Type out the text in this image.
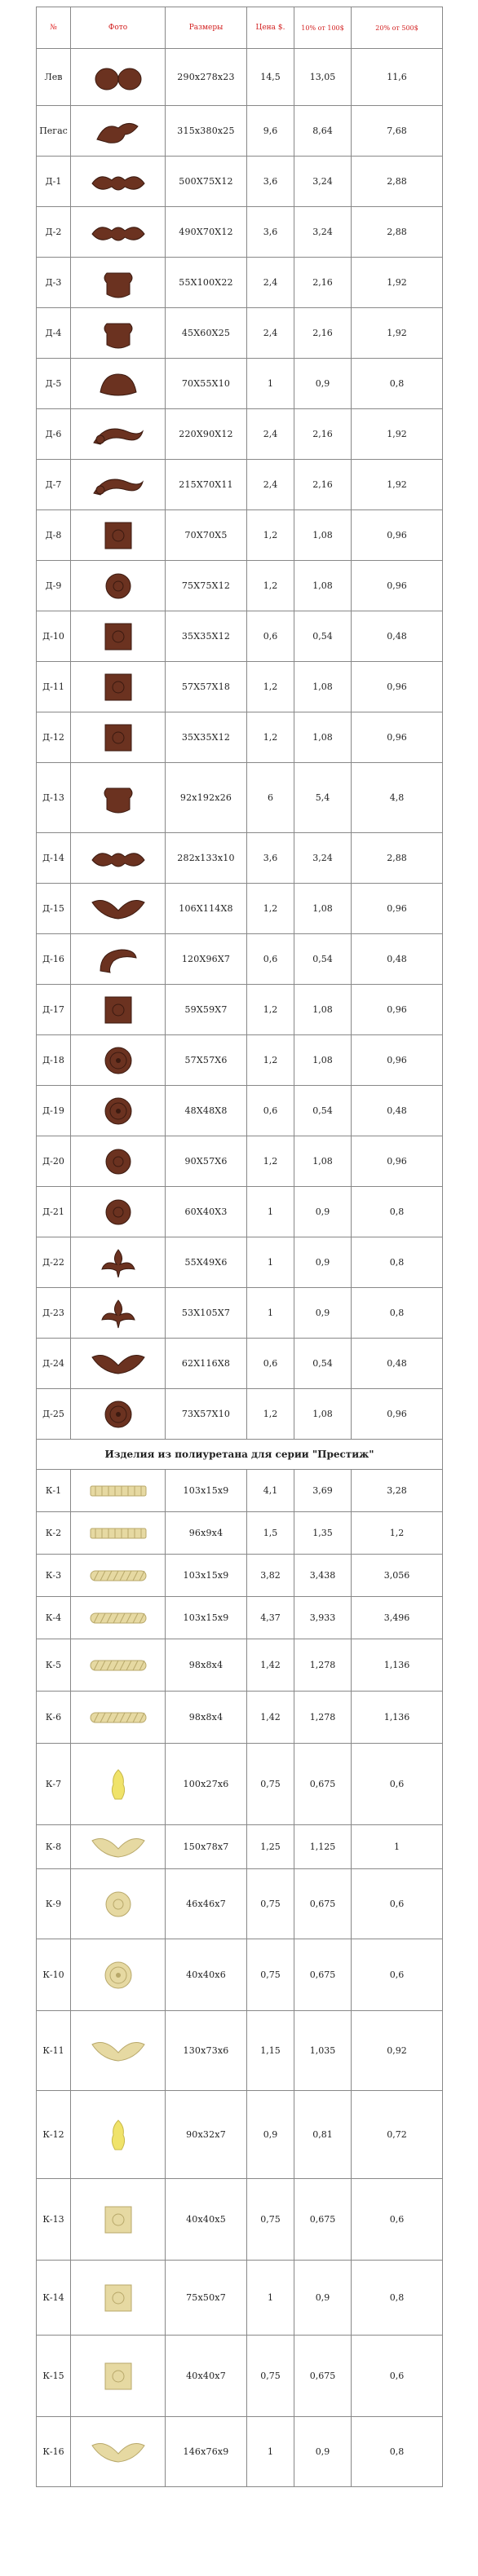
№	Фото	Размеры	Цена $.	10% от 100$	20% от 500$
Лев		290x278x23	14,5	13,05	11,6
Пегас		315x380x25	9,6	8,64	7,68
Д-1		500X75X12	3,6	3,24	2,88
Д-2		490X70X12	3,6	3,24	2,88
Д-3		55X100X22	2,4	2,16	1,92
Д-4		45X60X25	2,4	2,16	1,92
Д-5		70X55X10	1	0,9	0,8
Д-6		220X90X12	2,4	2,16	1,92
Д-7		215X70X11	2,4	2,16	1,92
Д-8		70X70X5	1,2	1,08	0,96
Д-9		75X75X12	1,2	1,08	0,96
Д-10		35X35X12	0,6	0,54	0,48
Д-11		57X57X18	1,2	1,08	0,96
Д-12		35X35X12	1,2	1,08	0,96
Д-13		92x192x26	6	5,4	4,8
Д-14		282x133x10	3,6	3,24	2,88
Д-15		106X114X8	1,2	1,08	0,96
Д-16		120X96X7	0,6	0,54	0,48
Д-17		59X59X7	1,2	1,08	0,96
Д-18		57X57X6	1,2	1,08	0,96
Д-19		48X48X8	0,6	0,54	0,48
Д-20		90X57X6	1,2	1,08	0,96
Д-21		60X40X3	1	0,9	0,8
Д-22		55X49X6	1	0,9	0,8
Д-23		53X105X7	1	0,9	0,8
Д-24		62X116X8	0,6	0,54	0,48
Д-25		73X57X10	1,2	1,08	0,96
Изделия из полиуретана для серии "Престиж"					
К-1		103x15x9	4,1	3,69	3,28
К-2		96x9x4	1,5	1,35	1,2
К-3		103x15x9	3,82	3,438	3,056
К-4		103x15x9	4,37	3,933	3,496
К-5		98x8x4	1,42	1,278	1,136
К-6		98x8x4	1,42	1,278	1,136
К-7		100x27x6	0,75	0,675	0,6
К-8		150x78x7	1,25	1,125	1
К-9		46x46x7	0,75	0,675	0,6
К-10		40x40x6	0,75	0,675	0,6
К-11		130x73x6	1,15	1,035	0,92
К-12		90x32x7	0,9	0,81	0,72
К-13		40x40x5	0,75	0,675	0,6
К-14		75x50x7	1	0,9	0,8
К-15		40x40x7	0,75	0,675	0,6
К-16		146x76x9	1	0,9	0,8
